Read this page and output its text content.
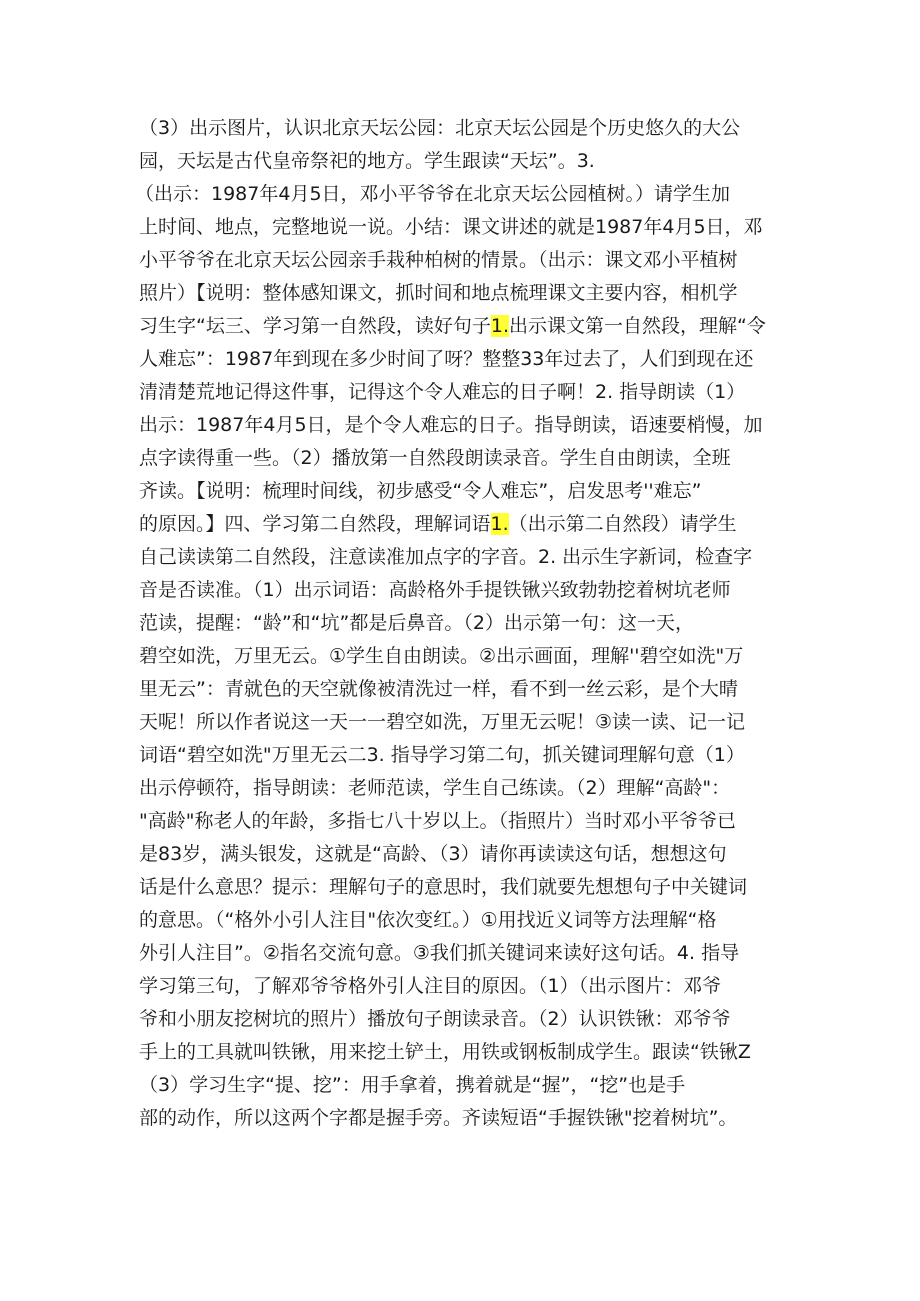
（3）出示图片，认识北京天坛公园：北京天坛公园是个历史悠久的大公
园，天坛是古代皇帝祭祀的地方。学生跟读“天坛”。3.
（出示：1987年4月5日，邓小平爷爷在北京天坛公园植树。）请学生加
上时间、地点，完整地说一说。小结：课文讲述的就是1987年4月5日，邓
小平爷爷在北京天坛公园亲手栽种柏树的情景。（出示：课文邓小平植树
照片）【说明：整体感知课文，抓时间和地点梳理课文主要内容，相机学
习生字“坛三、学习第一自然段，读好句子1.出示课文第一自然段，理解“令
人难忘”：1987年到现在多少时间了呀？整整33年过去了，人们到现在还
清清楚荒地记得这件事，记得这个令人难忘的日子啊！2. 指导朗读（1）
出示：1987年4月5日，是个令人难忘的日子。指导朗读，语速要梢慢，加
点字读得重一些。（2）播放第一自然段朗读录音。学生自由朗读，全班
齐读。【说明：梳理时间线，初步感受“令人难忘”，启发思考''难忘”
的原因。】四、学习第二自然段，理解词语1.（出示第二自然段）请学生
自己读读第二自然段，注意读准加点字的字音。2. 出示生字新词，检查字
音是否读准。（1）出示词语：高龄格外手提铁锹兴致勃勃挖着树坑老师
范读，提醒：“龄”和“坑”都是后鼻音。（2）出示第一句：这一天，
碧空如洗，万里无云。①学生自由朗读。②出示画面，理解''碧空如洗"万
里无云”：青就色的天空就像被清洗过一样，看不到一丝云彩，是个大晴
天呢！所以作者说这一天一一碧空如洗，万里无云呢！③读一读、记一记
词语“碧空如洗"万里无云二3. 指导学习第二句，抓关键词理解句意（1）
出示停顿符，指导朗读：老师范读，学生自己练读。（2）理解“高龄"：
"高龄"称老人的年龄，多指七八十岁以上。（指照片）当时邓小平爷爷已
是83岁，满头银发，这就是“高龄、（3）请你再读读这句话，想想这句
话是什么意思？提示：理解句子的意思时，我们就要先想想句子中关键词
的意思。（“格外小引人注目"依次变红。）①用找近义词等方法理解“格
外引人注目”。②指名交流句意。③我们抓关键词来读好这句话。4. 指导
学习第三句，了解邓爷爷格外引人注目的原因。（1）（出示图片：邓爷
爷和小朋友挖树坑的照片）播放句子朗读录音。（2）认识铁锹：邓爷爷
手上的工具就叫铁锹，用来挖土铲土，用铁或钢板制成学生。跟读“铁锹Z
（3）学习生字“提、挖”：用手拿着，携着就是“握”，“挖”也是手
部的动作，所以这两个字都是握手旁。齐读短语“手握铁锹"挖着树坑”。
